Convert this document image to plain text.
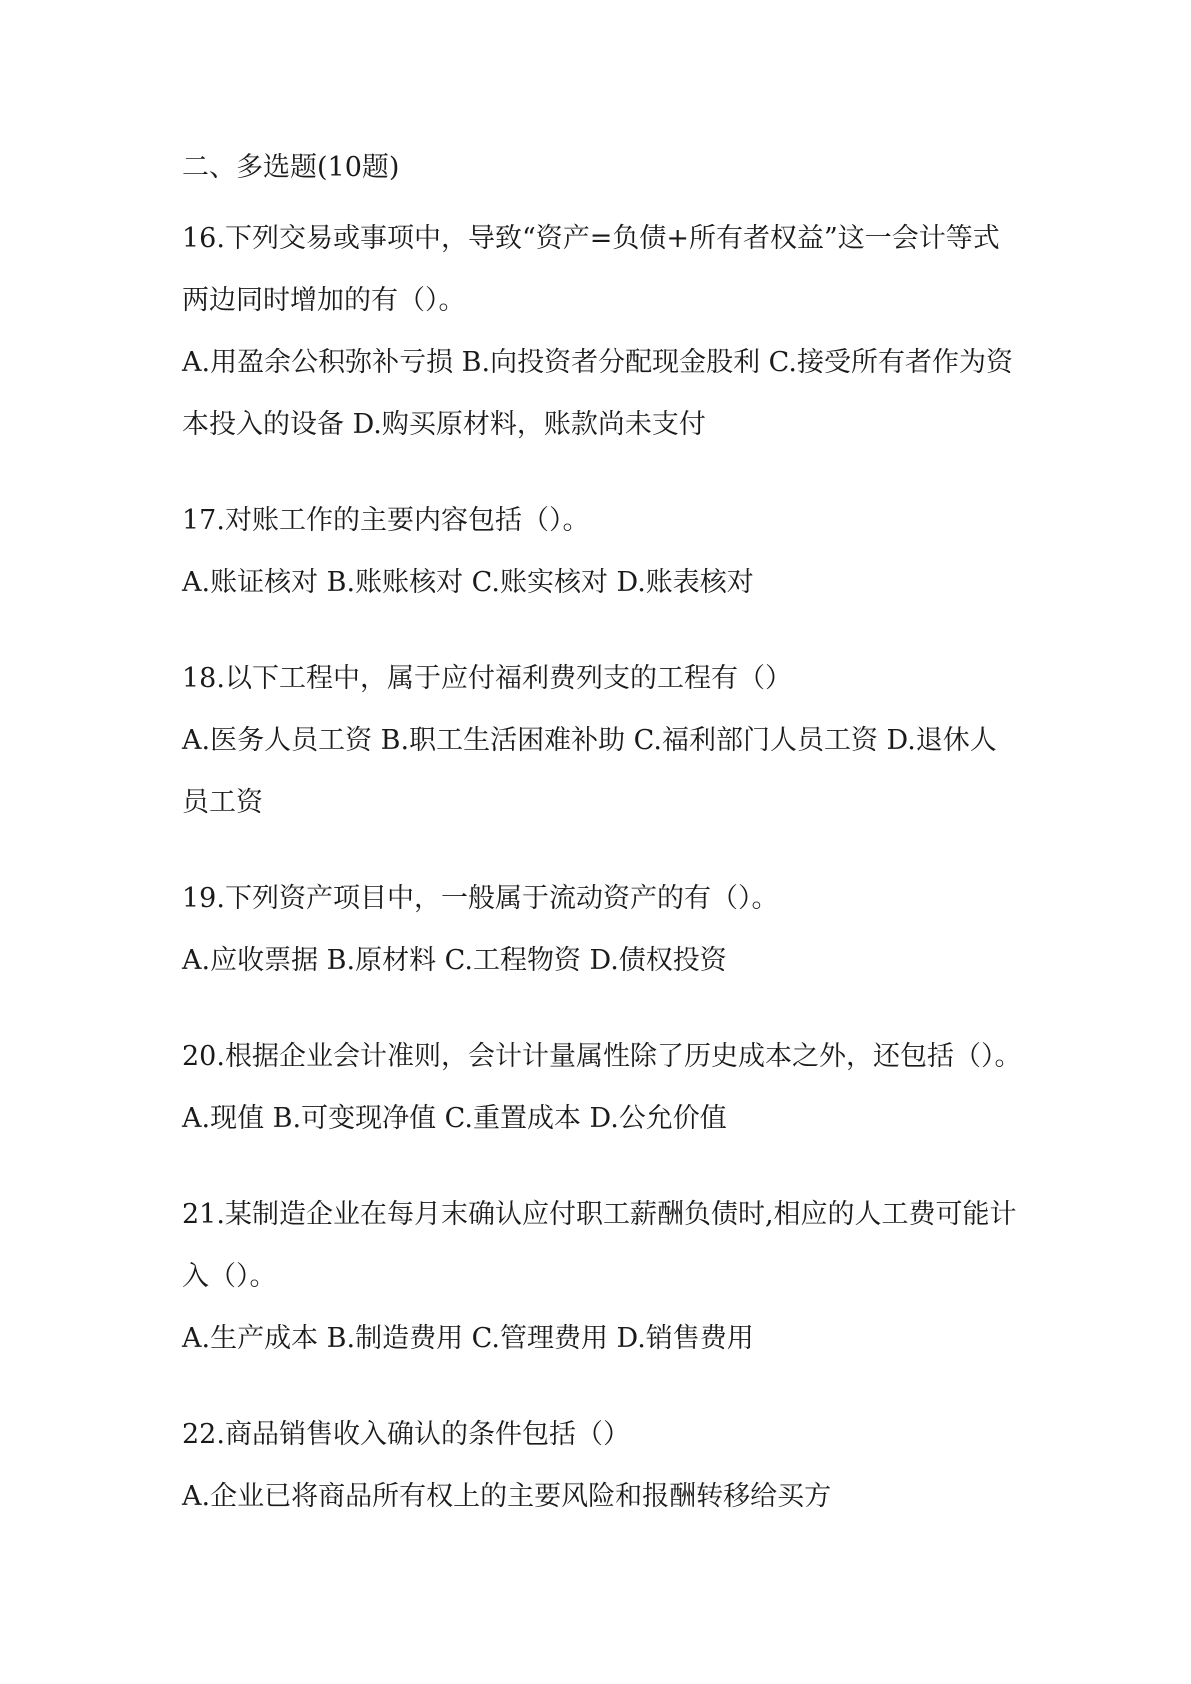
二、多选题(10题)

16.下列交易或事项中，导致“资产=负债+所有者权益”这一会计等式两边同时增加的有（）。

A.用盈余公积弥补亏损 B.向投资者分配现金股利 C.接受所有者作为资本投入的设备 D.购买原材料，账款尚未支付

17.对账工作的主要内容包括（）。

A.账证核对 B.账账核对 C.账实核对 D.账表核对

18.以下工程中，属于应付福利费列支的工程有（）

A.医务人员工资 B.职工生活困难补助 C.福利部门人员工资 D.退休人员工资

19.下列资产项目中，一般属于流动资产的有（）。

A.应收票据 B.原材料 C.工程物资 D.债权投资

20.根据企业会计准则，会计计量属性除了历史成本之外，还包括（）。

A.现值 B.可变现净值 C.重置成本 D.公允价值

21.某制造企业在每月末确认应付职工薪酬负债时,相应的人工费可能计入（）。

A.生产成本 B.制造费用 C.管理费用 D.销售费用

22.商品销售收入确认的条件包括（）

A.企业已将商品所有权上的主要风险和报酬转移给买方
